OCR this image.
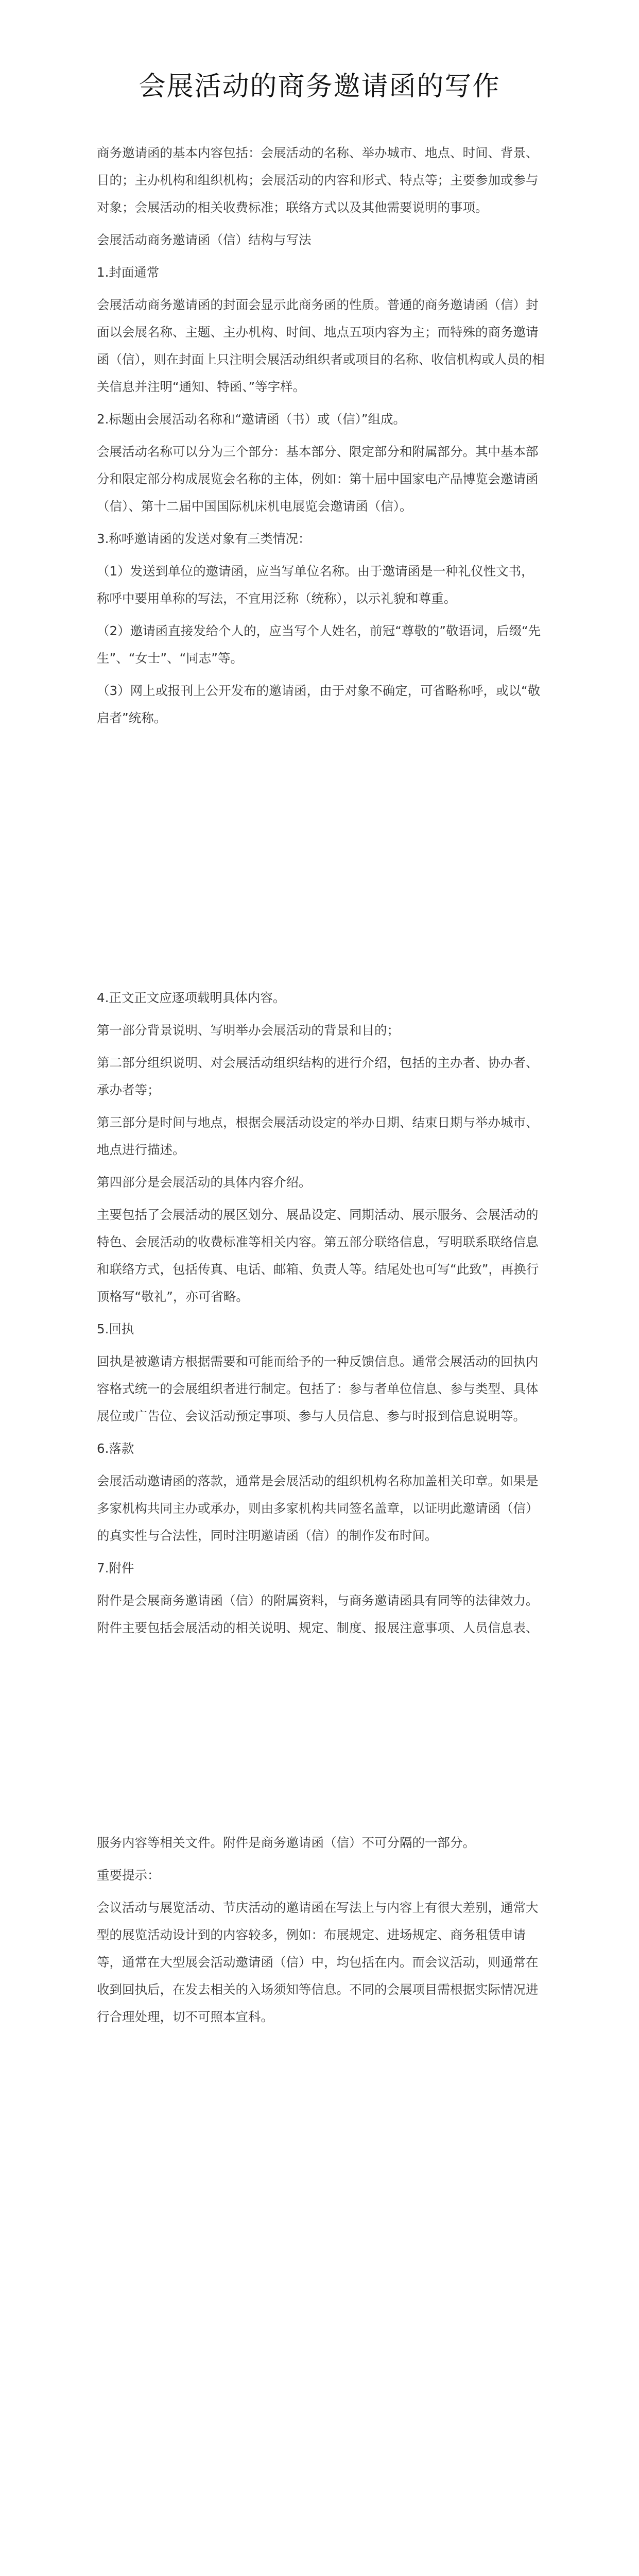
会展活动的商务邀请函的写作

商务邀请函的基本内容包括：会展活动的名称、举办城市、地点、时间、背景、目的；主办机构和组织机构；会展活动的内容和形式、特点等；主要参加或参与对象；会展活动的相关收费标准；联络方式以及其他需要说明的事项。

会展活动商务邀请函（信）结构与写法

1.封面通常

会展活动商务邀请函的封面会显示此商务函的性质。普通的商务邀请函（信）封面以会展名称、主题、主办机构、时间、地点五项内容为主；而特殊的商务邀请函（信），则在封面上只注明会展活动组织者或项目的名称、收信机构或人员的相关信息并注明“通知、特函、”等字样。

2.标题由会展活动名称和“邀请函（书）或（信）”组成。

会展活动名称可以分为三个部分：基本部分、限定部分和附属部分。其中基本部分和限定部分构成展览会名称的主体，例如：第十届中国家电产品博览会邀请函（信）、第十二届中国国际机床机电展览会邀请函（信）。

3.称呼邀请函的发送对象有三类情况：

（1）发送到单位的邀请函，应当写单位名称。由于邀请函是一种礼仪性文书，称呼中要用单称的写法，不宜用泛称（统称），以示礼貌和尊重。

（2）邀请函直接发给个人的，应当写个人姓名，前冠“尊敬的”敬语词，后缀“先生”、“女士”、“同志”等。

（3）网上或报刊上公开发布的邀请函，由于对象不确定，可省略称呼，或以“敬启者”统称。

4.正文正文应逐项载明具体内容。

第一部分背景说明、写明举办会展活动的背景和目的；

第二部分组织说明、对会展活动组织结构的进行介绍，包括的主办者、协办者、承办者等；

第三部分是时间与地点，根据会展活动设定的举办日期、结束日期与举办城市、地点进行描述。

第四部分是会展活动的具体内容介绍。

主要包括了会展活动的展区划分、展品设定、同期活动、展示服务、会展活动的特色、会展活动的收费标准等相关内容。第五部分联络信息，写明联系联络信息和联络方式，包括传真、电话、邮箱、负责人等。结尾处也可写“此致”，再换行顶格写“敬礼”，亦可省略。

5.回执

回执是被邀请方根据需要和可能而给予的一种反馈信息。通常会展活动的回执内容格式统一的会展组织者进行制定。包括了：参与者单位信息、参与类型、具体展位或广告位、会议活动预定事项、参与人员信息、参与时报到信息说明等。

6.落款

会展活动邀请函的落款，通常是会展活动的组织机构名称加盖相关印章。如果是多家机构共同主办或承办，则由多家机构共同签名盖章，以证明此邀请函（信）的真实性与合法性，同时注明邀请函（信）的制作发布时间。

7.附件

附件是会展商务邀请函（信）的附属资料，与商务邀请函具有同等的法律效力。附件主要包括会展活动的相关说明、规定、制度、报展注意事项、人员信息表、

服务内容等相关文件。附件是商务邀请函（信）不可分隔的一部分。

重要提示：

会议活动与展览活动、节庆活动的邀请函在写法上与内容上有很大差别，通常大型的展览活动设计到的内容较多，例如：布展规定、进场规定、商务租赁申请等，通常在大型展会活动邀请函（信）中，均包括在内。而会议活动，则通常在收到回执后，在发去相关的入场须知等信息。不同的会展项目需根据实际情况进行合理处理，切不可照本宣科。
